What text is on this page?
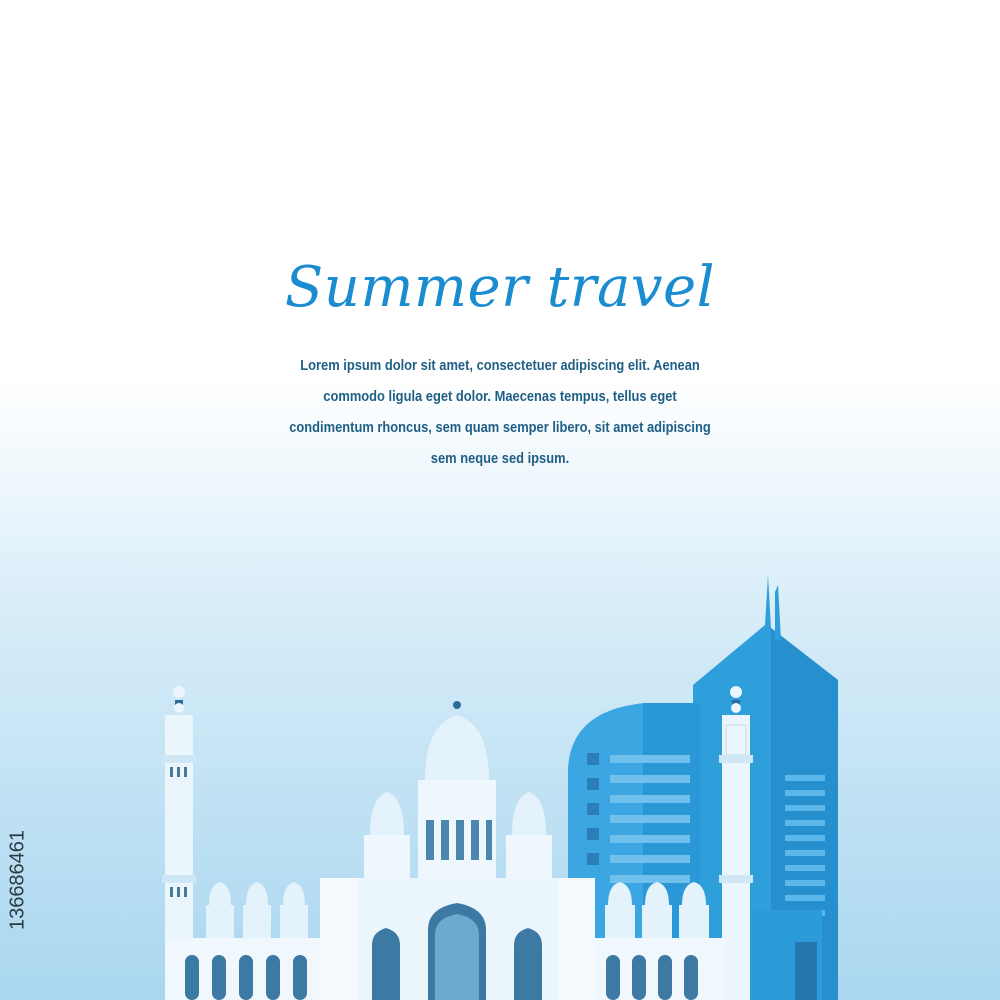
Summer travel
Lorem ipsum dolor sit amet, consectetuer adipiscing elit. Aenean commodo ligula eget dolor. Maecenas tempus, tellus eget condimentum rhoncus, sem quam semper libero, sit amet adipiscing sem neque sed ipsum.
136686461
